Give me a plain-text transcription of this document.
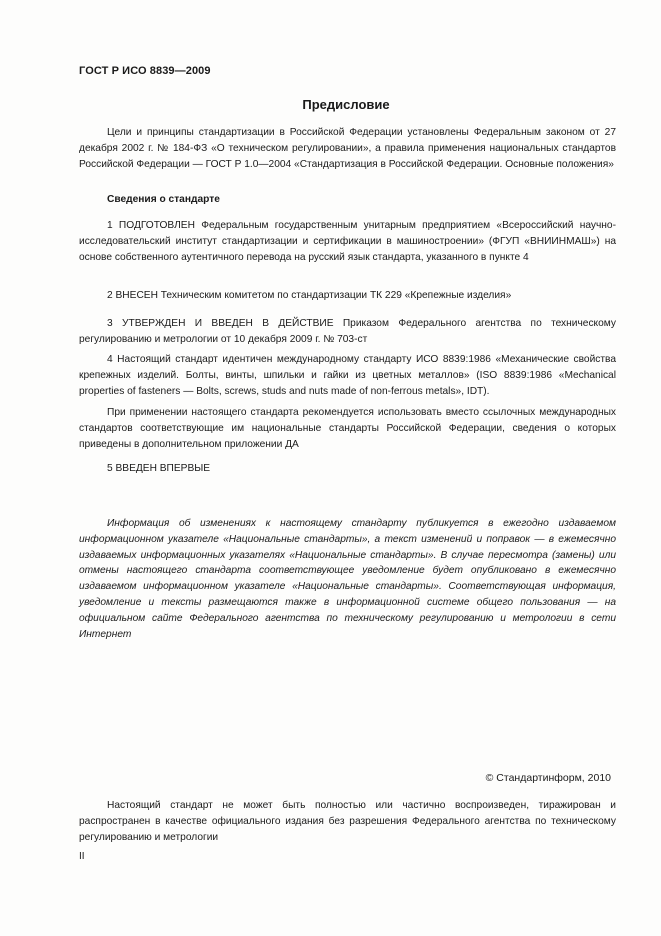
ГОСТ Р ИСО 8839—2009
Предисловие

Цели и принципы стандартизации в Российской Федерации установлены Федеральным законом от 27 декабря 2002 г. № 184-ФЗ «О техническом регулировании», а правила применения национальных стандартов Российской Федерации — ГОСТ Р 1.0—2004 «Стандартизация в Российской Федерации. Основные положения»

Сведения о стандарте

1 ПОДГОТОВЛЕН Федеральным государственным унитарным предприятием «Всероссийский научно-исследовательский институт стандартизации и сертификации в машиностроении» (ФГУП «ВНИИНМАШ») на основе собственного аутентичного перевода на русский язык стандарта, указанного в пункте 4

2 ВНЕСЕН Техническим комитетом по стандартизации ТК 229 «Крепежные изделия»

3 УТВЕРЖДЕН И ВВЕДЕН В ДЕЙСТВИЕ Приказом Федерального агентства по техническому регулированию и метрологии от 10 декабря 2009 г. № 703-ст

4 Настоящий стандарт идентичен международному стандарту ИСО 8839:1986 «Механические свойства крепежных изделий. Болты, винты, шпильки и гайки из цветных металлов» (ISO 8839:1986 «Mechanical properties of fasteners — Bolts, screws, studs and nuts made of non-ferrous metals», IDT).

При применении настоящего стандарта рекомендуется использовать вместо ссылочных международных стандартов соответствующие им национальные стандарты Российской Федерации, сведения о которых приведены в дополнительном приложении ДА

5 ВВЕДЕН ВПЕРВЫЕ

Информация об изменениях к настоящему стандарту публикуется в ежегодно издаваемом информационном указателе «Национальные стандарты», а текст изменений и поправок — в ежемесячно издаваемых информационных указателях «Национальные стандарты». В случае пересмотра (замены) или отмены настоящего стандарта соответствующее уведомление будет опубликовано в ежемесячно издаваемом информационном указателе «Национальные стандарты». Соответствующая информация, уведомление и тексты размещаются также в информационной системе общего пользования — на официальном сайте Федерального агентства по техническому регулированию и метрологии в сети Интернет

© Стандартинформ, 2010

Настоящий стандарт не может быть полностью или частично воспроизведен, тиражирован и распространен в качестве официального издания без разрешения Федерального агентства по техническому регулированию и метрологии

II
